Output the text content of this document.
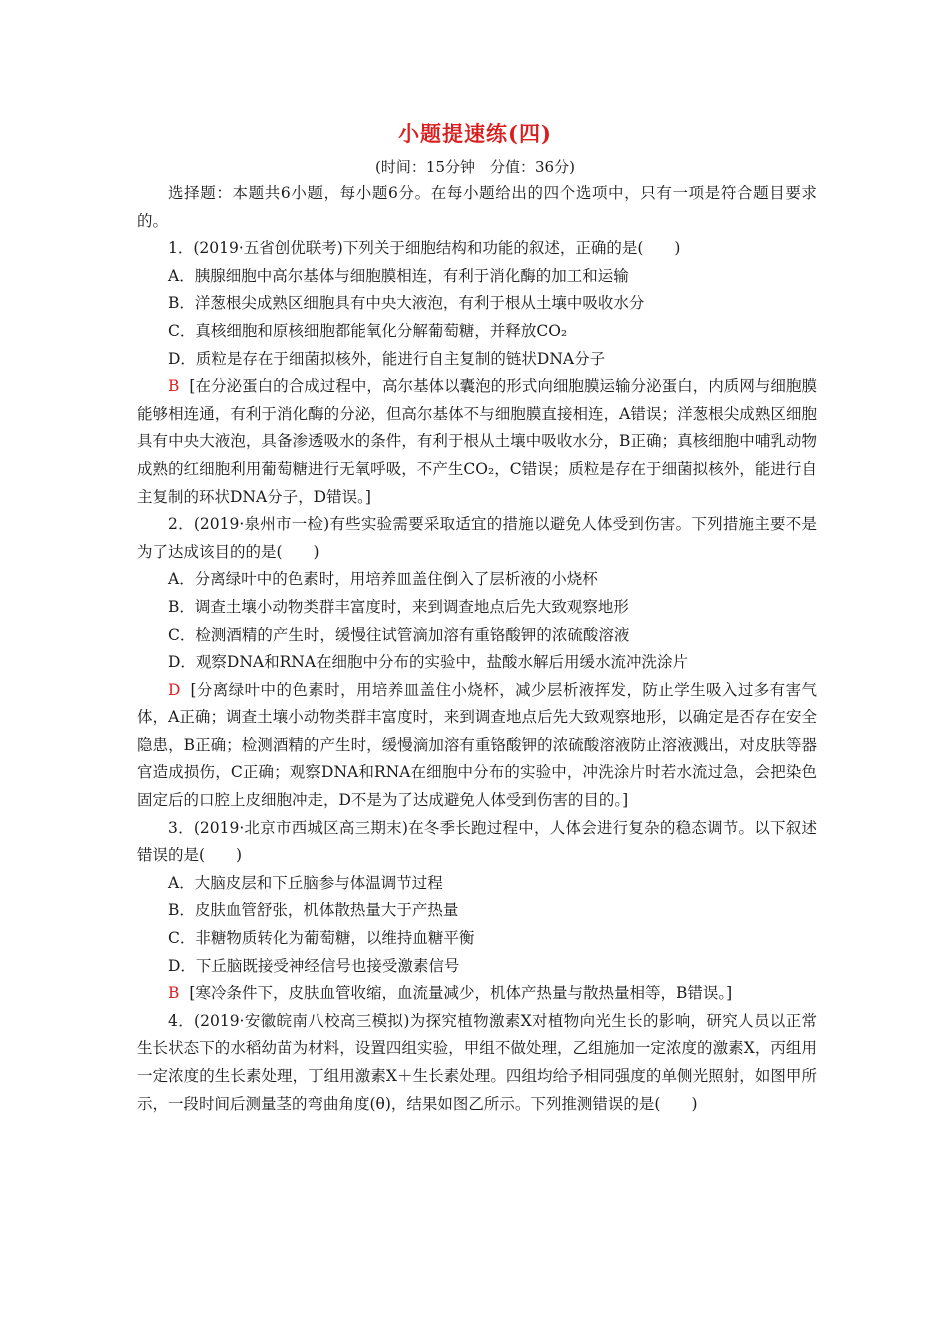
小题提速练(四)
(时间：15分钟　分值：36分)

选择题：本题共6小题，每小题6分。在每小题给出的四个选项中，只有一项是符合题目要求的。

1．(2019·五省创优联考)下列关于细胞结构和功能的叙述，正确的是(　　)

A．胰腺细胞中高尔基体与细胞膜相连，有利于消化酶的加工和运输

B．洋葱根尖成熟区细胞具有中央大液泡，有利于根从土壤中吸收水分

C．真核细胞和原核细胞都能氧化分解葡萄糖，并释放CO₂

D．质粒是存在于细菌拟核外，能进行自主复制的链状DNA分子

B [在分泌蛋白的合成过程中，高尔基体以囊泡的形式向细胞膜运输分泌蛋白，内质网与细胞膜能够相连通，有利于消化酶的分泌，但高尔基体不与细胞膜直接相连，A错误；洋葱根尖成熟区细胞具有中央大液泡，具备渗透吸水的条件，有利于根从土壤中吸收水分，B正确；真核细胞中哺乳动物成熟的红细胞利用葡萄糖进行无氧呼吸，不产生CO₂，C错误；质粒是存在于细菌拟核外，能进行自主复制的环状DNA分子，D错误。]

2．(2019·泉州市一检)有些实验需要采取适宜的措施以避免人体受到伤害。下列措施主要不是为了达成该目的的是(　　)

A．分离绿叶中的色素时，用培养皿盖住倒入了层析液的小烧杯

B．调查土壤小动物类群丰富度时，来到调查地点后先大致观察地形

C．检测酒精的产生时，缓慢往试管滴加溶有重铬酸钾的浓硫酸溶液

D．观察DNA和RNA在细胞中分布的实验中，盐酸水解后用缓水流冲洗涂片

D [分离绿叶中的色素时，用培养皿盖住小烧杯，减少层析液挥发，防止学生吸入过多有害气体，A正确；调查土壤小动物类群丰富度时，来到调查地点后先大致观察地形，以确定是否存在安全隐患，B正确；检测酒精的产生时，缓慢滴加溶有重铬酸钾的浓硫酸溶液防止溶液溅出，对皮肤等器官造成损伤，C正确；观察DNA和RNA在细胞中分布的实验中，冲洗涂片时若水流过急，会把染色固定后的口腔上皮细胞冲走，D不是为了达成避免人体受到伤害的目的。]

3．(2019·北京市西城区高三期末)在冬季长跑过程中，人体会进行复杂的稳态调节。以下叙述错误的是(　　)

A．大脑皮层和下丘脑参与体温调节过程

B．皮肤血管舒张，机体散热量大于产热量

C．非糖物质转化为葡萄糖，以维持血糖平衡

D．下丘脑既接受神经信号也接受激素信号

B [寒冷条件下，皮肤血管收缩，血流量减少，机体产热量与散热量相等，B错误。]

4．(2019·安徽皖南八校高三模拟)为探究植物激素X对植物向光生长的影响，研究人员以正常生长状态下的水稻幼苗为材料，设置四组实验，甲组不做处理，乙组施加一定浓度的激素X，丙组用一定浓度的生长素处理，丁组用激素X＋生长素处理。四组均给予相同强度的单侧光照射，如图甲所示，一段时间后测量茎的弯曲角度(θ)，结果如图乙所示。下列推测错误的是(　　)
